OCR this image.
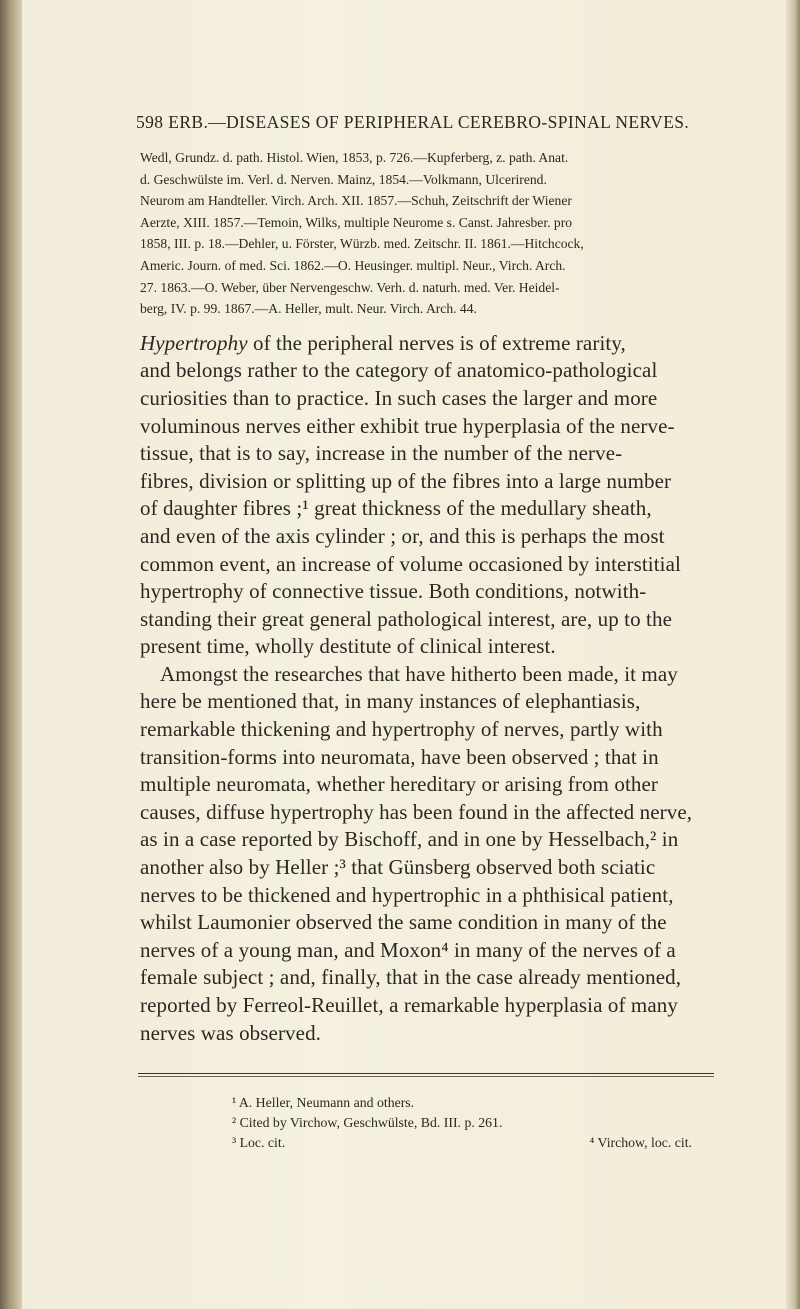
598 ERB.—DISEASES OF PERIPHERAL CEREBRO-SPINAL NERVES.

Wedl, Grundz. d. path. Histol. Wien, 1853, p. 726.—Kupferberg, z. path. Anat.

d. Geschwülste im. Verl. d. Nerven. Mainz, 1854.—Volkmann, Ulcerirend.

Neurom am Handteller. Virch. Arch. XII. 1857.—Schuh, Zeitschrift der Wiener

Aerzte, XIII. 1857.—Temoin, Wilks, multiple Neurome s. Canst. Jahresber. pro

1858, III. p. 18.—Dehler, u. Förster, Würzb. med. Zeitschr. II. 1861.—Hitchcock,

Americ. Journ. of med. Sci. 1862.—O. Heusinger. multipl. Neur., Virch. Arch.

27. 1863.—O. Weber, über Nervengeschw. Verh. d. naturh. med. Ver. Heidel-

berg, IV. p. 99. 1867.—A. Heller, mult. Neur. Virch. Arch. 44.

Hypertrophy of the peripheral nerves is of extreme rarity,

and belongs rather to the category of anatomico-pathological

curiosities than to practice. In such cases the larger and more

voluminous nerves either exhibit true hyperplasia of the nerve-

tissue, that is to say, increase in the number of the nerve-

fibres, division or splitting up of the fibres into a large number

of daughter fibres ;¹ great thickness of the medullary sheath,

and even of the axis cylinder ; or, and this is perhaps the most

common event, an increase of volume occasioned by interstitial

hypertrophy of connective tissue. Both conditions, notwith-

standing their great general pathological interest, are, up to the

present time, wholly destitute of clinical interest.

Amongst the researches that have hitherto been made, it may

here be mentioned that, in many instances of elephantiasis,

remarkable thickening and hypertrophy of nerves, partly with

transition-forms into neuromata, have been observed ; that in

multiple neuromata, whether hereditary or arising from other

causes, diffuse hypertrophy has been found in the affected nerve,

as in a case reported by Bischoff, and in one by Hesselbach,² in

another also by Heller ;³ that Günsberg observed both sciatic

nerves to be thickened and hypertrophic in a phthisical patient,

whilst Laumonier observed the same condition in many of the

nerves of a young man, and Moxon⁴ in many of the nerves of a

female subject ; and, finally, that in the case already mentioned,

reported by Ferreol-Reuillet, a remarkable hyperplasia of many

nerves was observed.

¹ A. Heller, Neumann and others.
² Cited by Virchow, Geschwülste, Bd. III. p. 261.
³ Loc. cit.	⁴ Virchow, loc. cit.
